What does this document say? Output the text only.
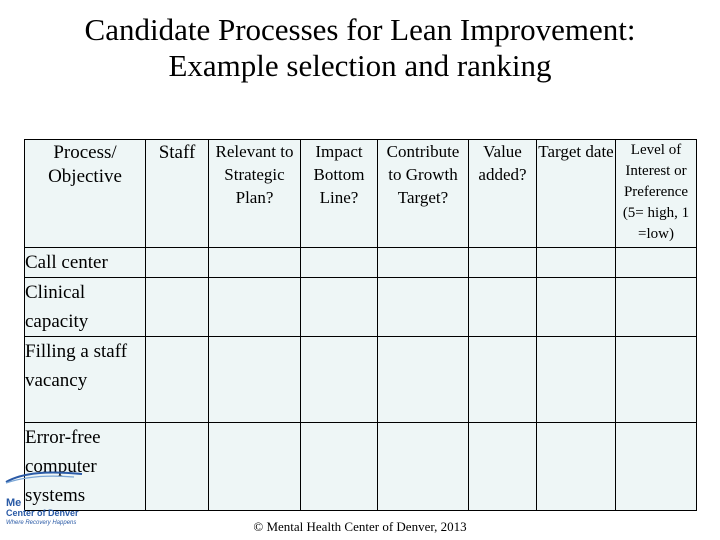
Candidate Processes for Lean Improvement:
Example selection and ranking
Process/ Objective	Staff	Relevant to Strategic Plan?	Impact Bottom Line?	Contribute to Growth Target?	Value added?	Target date	Level of Interest or Preference (5= high, 1 =low)
Call center							
Clinical capacity							
Filling a staff vacancy							
Error-free computer systems							
Me
Center of Denver
Where Recovery Happens	© Mental Health Center of Denver, 2013
